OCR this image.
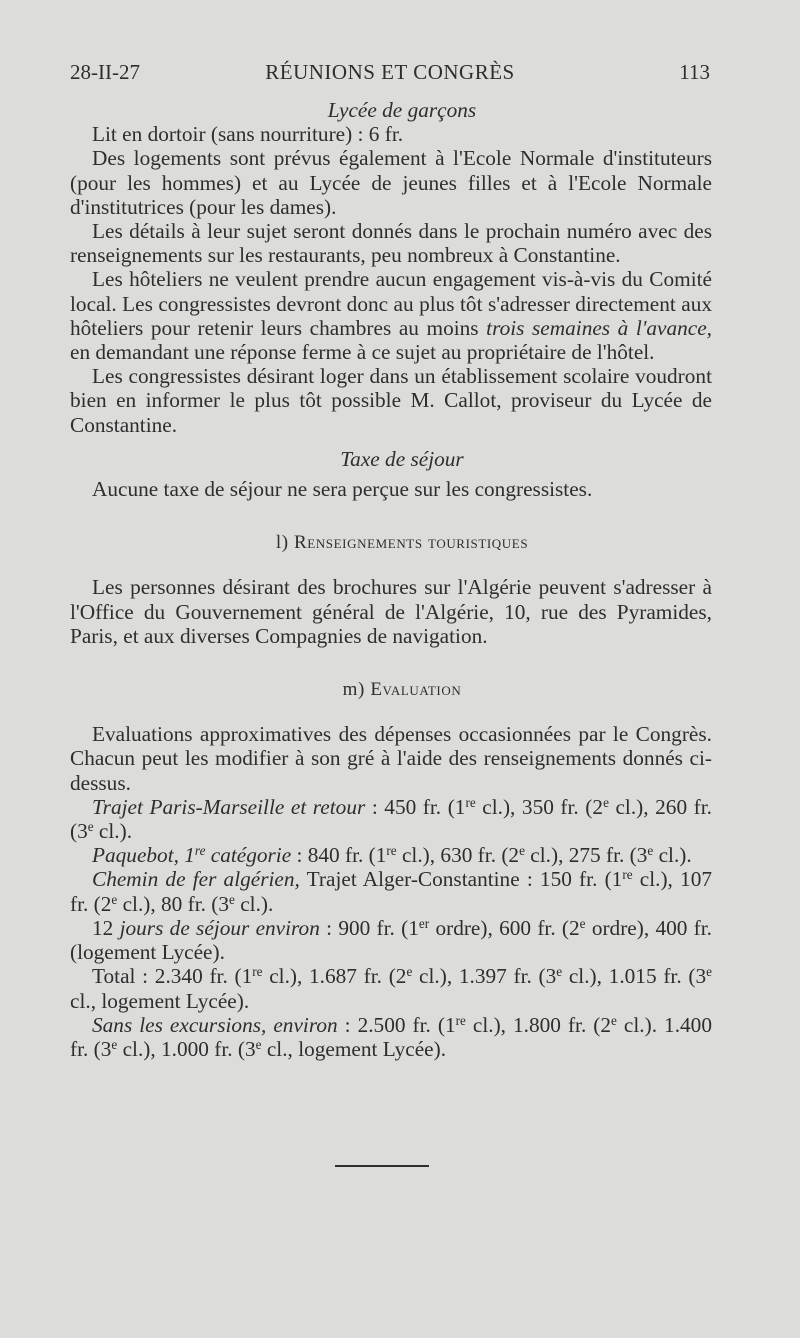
28-II-27	RÉUNIONS ET CONGRÈS	113

Lycée de garçons

Lit en dortoir (sans nourriture) : 6 fr.

Des logements sont prévus également à l'Ecole Normale d'instituteurs (pour les hommes) et au Lycée de jeunes filles et à l'Ecole Normale d'institutrices (pour les dames).

Les détails à leur sujet seront donnés dans le prochain numéro avec des renseignements sur les restaurants, peu nombreux à Constantine.

Les hôteliers ne veulent prendre aucun engagement vis-à-vis du Comité local. Les congressistes devront donc au plus tôt s'adresser directement aux hôteliers pour retenir leurs chambres au moins trois semaines à l'avance, en demandant une réponse ferme à ce sujet au propriétaire de l'hôtel.

Les congressistes désirant loger dans un établissement scolaire voudront bien en informer le plus tôt possible M. Callot, proviseur du Lycée de Constantine.

Taxe de séjour

Aucune taxe de séjour ne sera perçue sur les congressistes.

l) Renseignements touristiques

Les personnes désirant des brochures sur l'Algérie peuvent s'adresser à l'Office du Gouvernement général de l'Algérie, 10, rue des Pyramides, Paris, et aux diverses Compagnies de navigation.

m) Evaluation

Evaluations approximatives des dépenses occasionnées par le Congrès. Chacun peut les modifier à son gré à l'aide des renseignements donnés ci-dessus.

Trajet Paris-Marseille et retour : 450 fr. (1re cl.), 350 fr. (2e cl.), 260 fr. (3e cl.).

Paquebot, 1re catégorie : 840 fr. (1re cl.), 630 fr. (2e cl.), 275 fr. (3e cl.).

Chemin de fer algérien, Trajet Alger-Constantine : 150 fr. (1re cl.), 107 fr. (2e cl.), 80 fr. (3e cl.).

12 jours de séjour environ : 900 fr. (1er ordre), 600 fr. (2e ordre), 400 fr. (logement Lycée).

Total : 2.340 fr. (1re cl.), 1.687 fr. (2e cl.), 1.397 fr. (3e cl.), 1.015 fr. (3e cl., logement Lycée).

Sans les excursions, environ : 2.500 fr. (1re cl.), 1.800 fr. (2e cl.). 1.400 fr. (3e cl.), 1.000 fr. (3e cl., logement Lycée).
